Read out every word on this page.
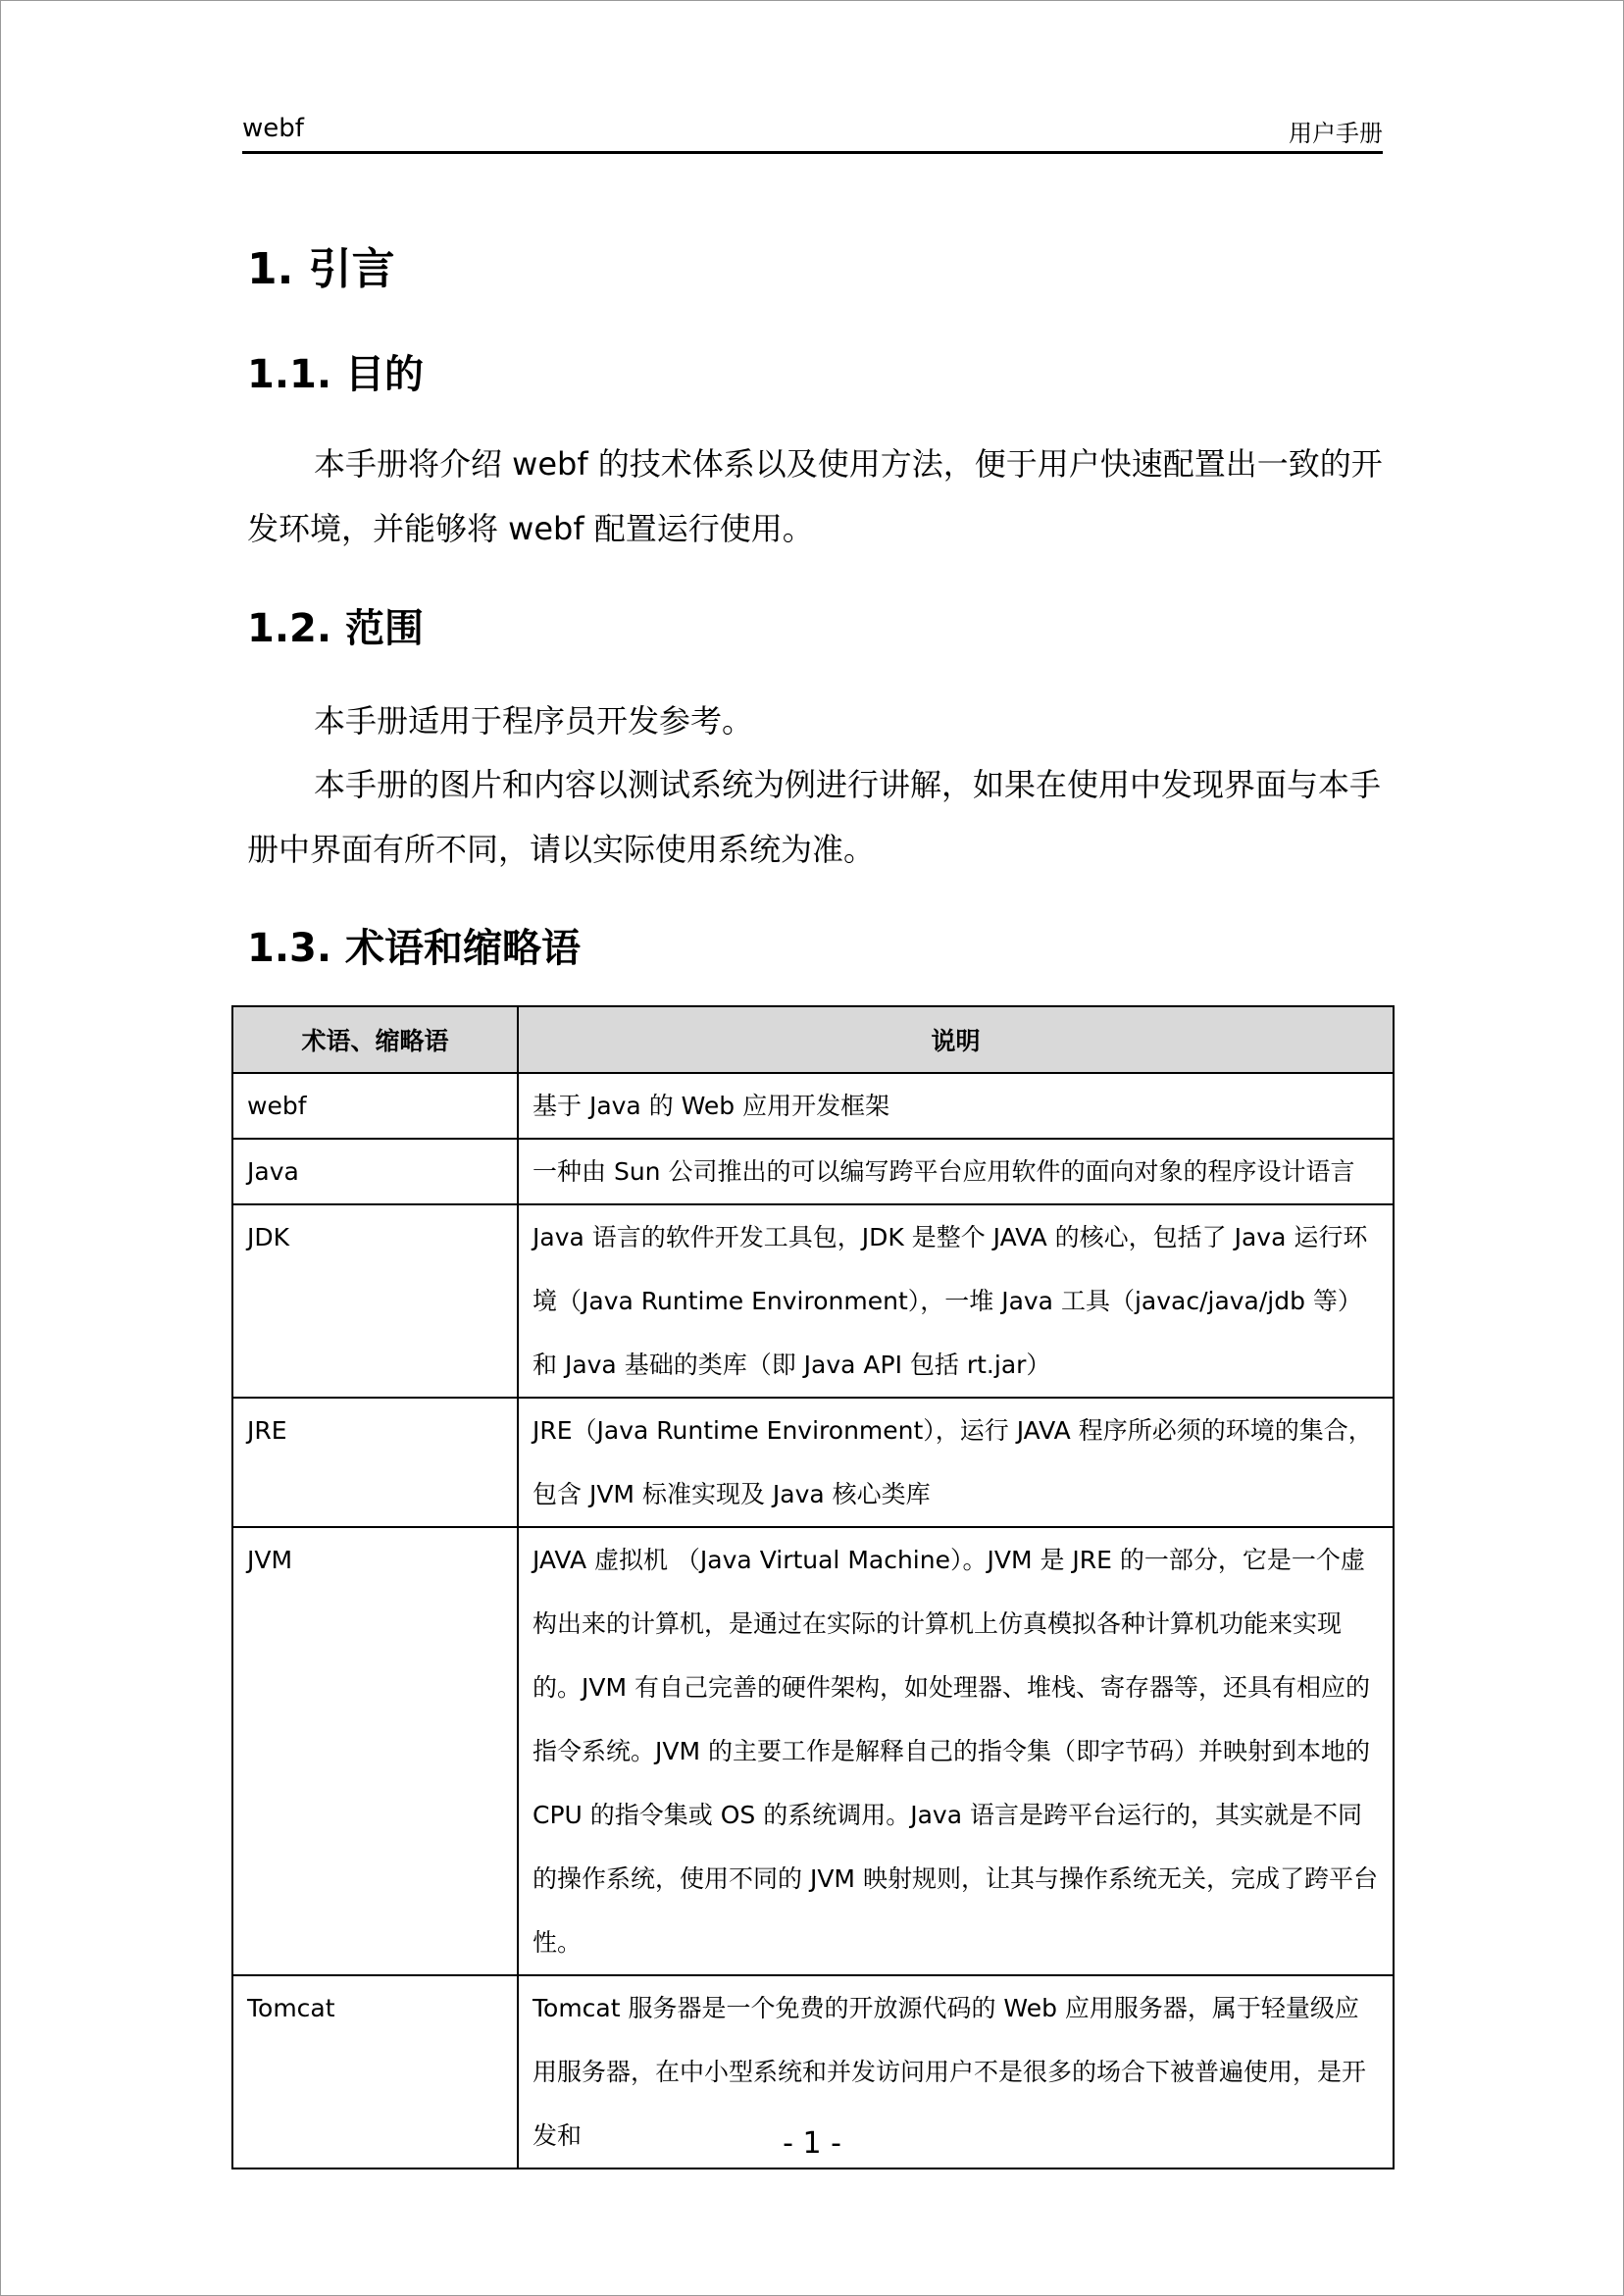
webf	用户手册
1. 引言
1.1. 目的

本手册将介绍 webf 的技术体系以及使用方法，便于用户快速配置出一致的开发环境，并能够将 webf 配置运行使用。

1.2. 范围

本手册适用于程序员开发参考。

本手册的图片和内容以测试系统为例进行讲解，如果在使用中发现界面与本手册中界面有所不同，请以实际使用系统为准。

1.3. 术语和缩略语
术语、缩略语	说明
webf	基于 Java 的 Web 应用开发框架
Java	一种由 Sun 公司推出的可以编写跨平台应用软件的面向对象的程序设计语言
JDK	Java 语言的软件开发工具包，JDK 是整个 JAVA 的核心，包括了 Java 运行环境（Java Runtime Environment），一堆 Java 工具（javac/java/jdb 等）和 Java 基础的类库（即 Java API 包括 rt.jar）
JRE	JRE（Java Runtime Environment），运行 JAVA 程序所必须的环境的集合，包含 JVM 标准实现及 Java 核心类库
JVM	JAVA 虚拟机 （Java Virtual Machine）。JVM 是 JRE 的一部分，它是一个虚构出来的计算机，是通过在实际的计算机上仿真模拟各种计算机功能来实现的。JVM 有自己完善的硬件架构，如处理器、堆栈、寄存器等，还具有相应的指令系统。JVM 的主要工作是解释自己的指令集（即字节码）并映射到本地的 CPU 的指令集或 OS 的系统调用。Java 语言是跨平台运行的，其实就是不同的操作系统，使用不同的 JVM 映射规则，让其与操作系统无关，完成了跨平台性。
Tomcat	Tomcat 服务器是一个免费的开放源代码的 Web 应用服务器，属于轻量级应用服务器，在中小型系统和并发访问用户不是很多的场合下被普遍使用，是开发和	- 1 -
